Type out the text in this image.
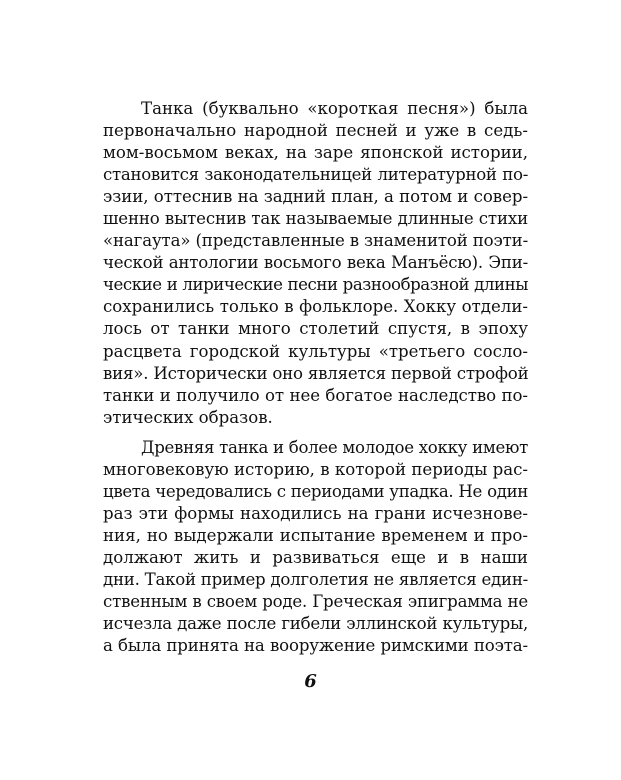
Танка (буквально «короткая песня») была
первоначально народной песней и уже в седь-
мом-восьмом веках, на заре японской истории,
становится законодательницей литературной по-
эзии, оттеснив на задний план, а потом и совер-
шенно вытеснив так называемые длинные стихи
«нагаута» (представленные в знаменитой поэти-
ческой антологии восьмого века Манъёсю). Эпи-
ческие и лирические песни разнообразной длины
сохранились только в фольклоре. Хокку отдели-
лось от танки много столетий спустя, в эпоху
расцвета городской культуры «третьего сосло-
вия». Исторически оно является первой строфой
танки и получило от нее богатое наследство по-
этических образов.
Древняя танка и более молодое хокку имеют
многовековую историю, в которой периоды рас-
цвета чередовались с периодами упадка. Не один
раз эти формы находились на грани исчезнове-
ния, но выдержали испытание временем и про-
должают жить и развиваться еще и в наши
дни. Такой пример долголетия не является един-
ственным в своем роде. Греческая эпиграмма не
исчезла даже после гибели эллинской культуры,
а была принята на вооружение римскими поэта-
6
